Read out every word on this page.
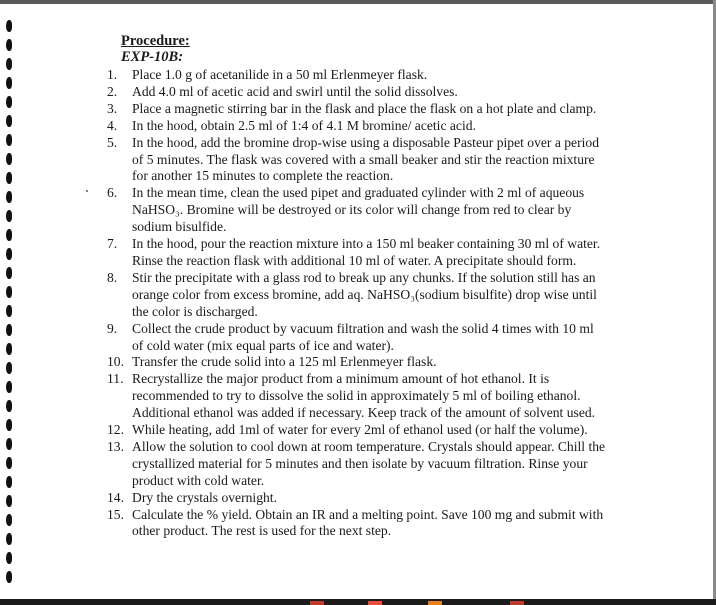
Procedure:
EXP-10B:
1.	Place 1.0 g of acetanilide in a 50 ml Erlenmeyer flask.
2.	Add 4.0 ml of acetic acid and swirl until the solid dissolves.
3.	Place a magnetic stirring bar in the flask and place the flask on a hot plate and clamp.
4.	In the hood, obtain 2.5 ml of 1:4 of 4.1 M bromine/ acetic acid.
5.	In the hood, add the bromine drop-wise using a disposable Pasteur pipet over a period of 5 minutes. The flask was covered with a small beaker and stir the reaction mixture for another 15 minutes to complete the reaction.
6.	In the mean time, clean the used pipet and graduated cylinder with 2 ml of aqueous NaHSO₃. Bromine will be destroyed or its color will change from red to clear by sodium bisulfide.
7.	In the hood, pour the reaction mixture into a 150 ml beaker containing 30 ml of water. Rinse the reaction flask with additional 10 ml of water. A precipitate should form.
8.	Stir the precipitate with a glass rod to break up any chunks. If the solution still has an orange color from excess bromine, add aq. NaHSO₃(sodium bisulfite) drop wise until the color is discharged.
9.	Collect the crude product by vacuum filtration and wash the solid 4 times with 10 ml of cold water (mix equal parts of ice and water).
10. Transfer the crude solid into a 125 ml Erlenmeyer flask.
11. Recrystallize the major product from a minimum amount of hot ethanol. It is recommended to try to dissolve the solid in approximately 5 ml of boiling ethanol. Additional ethanol was added if necessary. Keep track of the amount of solvent used.
12. While heating, add 1ml of water for every 2ml of ethanol used (or half the volume).
13. Allow the solution to cool down at room temperature. Crystals should appear. Chill the crystallized material for 5 minutes and then isolate by vacuum filtration. Rinse your product with cold water.
14. Dry the crystals overnight.
15. Calculate the % yield. Obtain an IR and a melting point. Save 100 mg and submit with other product. The rest is used for the next step.
